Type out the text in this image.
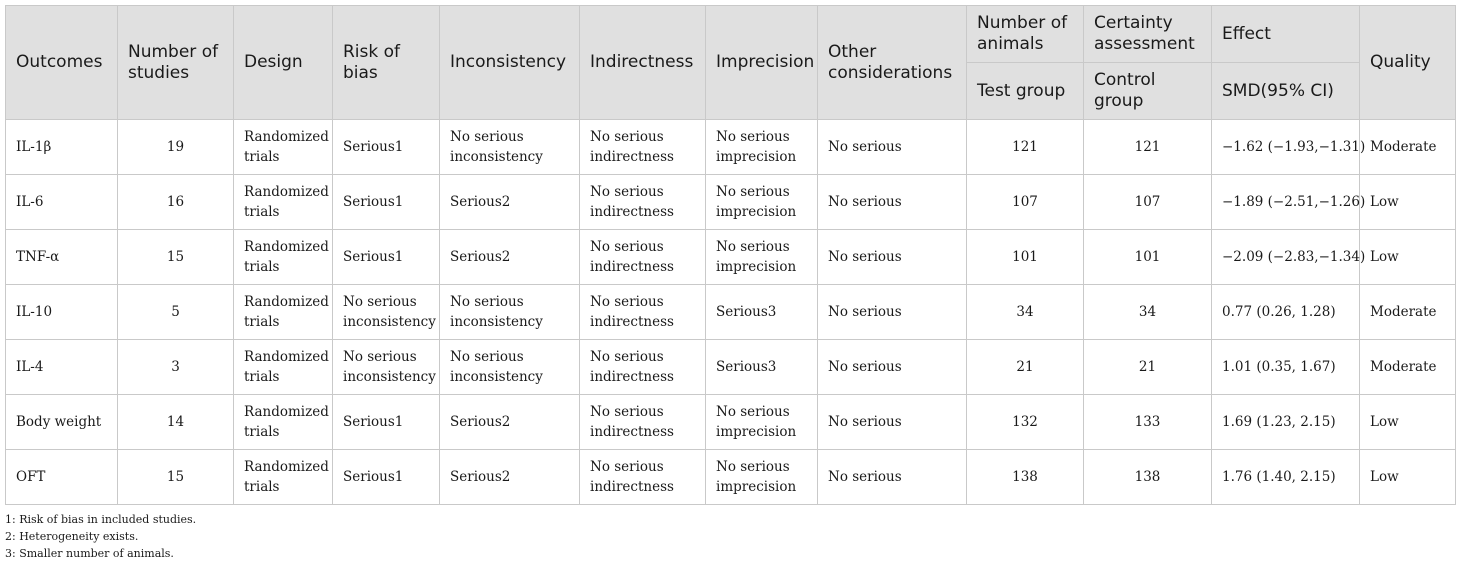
Outcomes	Number of studies	Design	Risk of bias	Inconsistency	Indirectness	Imprecision	Other considerations	Number of animals	Certainty assessment	Effect	Quality
								Test group	Control group	SMD(95% CI)	
IL-1β	19	Randomized trials	Serious1	No serious inconsistency	No serious indirectness	No serious imprecision	No serious	121	121	−1.62 (−1.93,−1.31)	Moderate
IL-6	16	Randomized trials	Serious1	Serious2	No serious indirectness	No serious imprecision	No serious	107	107	−1.89 (−2.51,−1.26)	Low
TNF-α	15	Randomized trials	Serious1	Serious2	No serious indirectness	No serious imprecision	No serious	101	101	−2.09 (−2.83,−1.34)	Low
IL-10	5	Randomized trials	No serious inconsistency	No serious inconsistency	No serious indirectness	Serious3	No serious	34	34	0.77 (0.26, 1.28)	Moderate
IL-4	3	Randomized trials	No serious inconsistency	No serious inconsistency	No serious indirectness	Serious3	No serious	21	21	1.01 (0.35, 1.67)	Moderate
Body weight	14	Randomized trials	Serious1	Serious2	No serious indirectness	No serious imprecision	No serious	132	133	1.69 (1.23, 2.15)	Low
OFT	15	Randomized trials	Serious1	Serious2	No serious indirectness	No serious imprecision	No serious	138	138	1.76 (1.40, 2.15)	Low
1: Risk of bias in included studies.
2: Heterogeneity exists.
3: Smaller number of animals.
